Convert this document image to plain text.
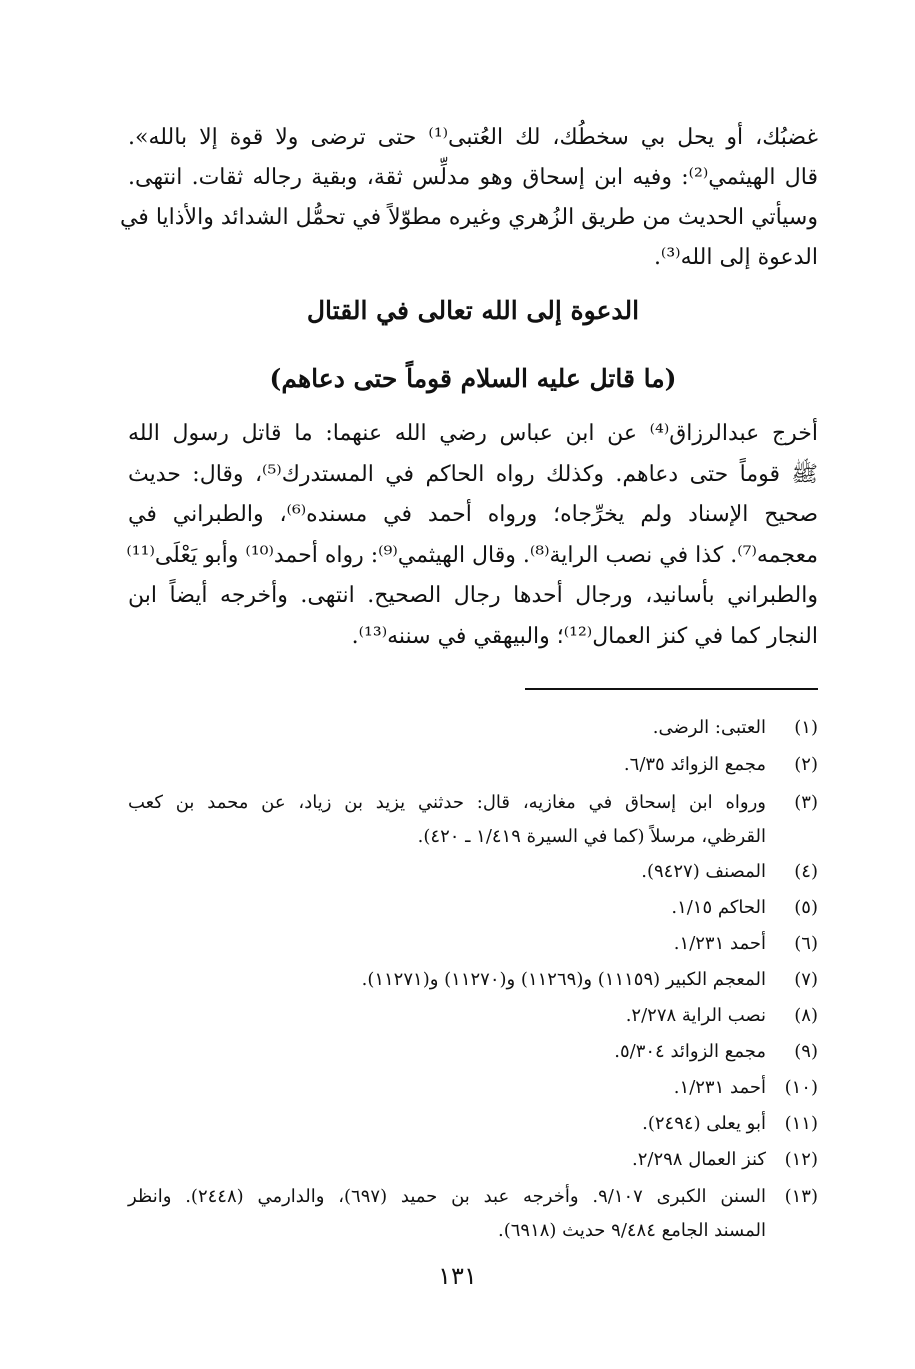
غضبُك، أو يحل بي سخطُك، لك العُتبى⁽¹⁾ حتى ترضى ولا قوة إلا بالله».
قال الهيثمي⁽²⁾: وفيه ابن إسحاق وهو مدلِّس ثقة، وبقية رجاله ثقات. انتهى.
وسيأتي الحديث من طريق الزُهري وغيره مطوّلاً في تحمُّل الشدائد والأذايا في
الدعوة إلى الله⁽³⁾.
الدعوة إلى الله تعالى في القتال
(ما قاتل عليه السلام قوماً حتى دعاهم)
أخرج عبدالرزاق⁽⁴⁾ عن ابن عباس رضي الله عنهما: ما قاتل رسول الله
ﷺ قوماً حتى دعاهم. وكذلك رواه الحاكم في المستدرك⁽⁵⁾، وقال: حديث
صحيح الإسناد ولم يخرِّجاه؛ ورواه أحمد في مسنده⁽⁶⁾، والطبراني في
معجمه⁽⁷⁾. كذا في نصب الراية⁽⁸⁾. وقال الهيثمي⁽⁹⁾: رواه أحمد⁽¹⁰⁾ وأبو يَعْلَى⁽¹¹⁾
والطبراني بأسانيد، ورجال أحدها رجال الصحيح. انتهى. وأخرجه أيضاً ابن
النجار كما في كنز العمال⁽¹²⁾؛ والبيهقي في سننه⁽¹³⁾.
(١)
العتبى: الرضى.
(٢)
مجمع الزوائد ٦/٣٥.
(٣)
ورواه ابن إسحاق في مغازيه، قال: حدثني يزيد بن زياد، عن محمد بن كعب
القرظي، مرسلاً (كما في السيرة ١/٤١٩ ـ ٤٢٠).
(٤)
المصنف (٩٤٢٧).
(٥)
الحاكم ١/١٥.
(٦)
أحمد ١/٢٣١.
(٧)
المعجم الكبير (١١١٥٩) و(١١٢٦٩) و(١١٢٧٠) و(١١٢٧١).
(٨)
نصب الراية ٢/٢٧٨.
(٩)
مجمع الزوائد ٥/٣٠٤.
(١٠)
أحمد ١/٢٣١.
(١١)
أبو يعلى (٢٤٩٤).
(١٢)
كنز العمال ٢/٢٩٨.
(١٣)
السنن الكبرى ٩/١٠٧. وأخرجه عبد بن حميد (٦٩٧)، والدارمي (٢٤٤٨). وانظر
المسند الجامع ٩/٤٨٤ حديث (٦٩١٨).
١٣١
